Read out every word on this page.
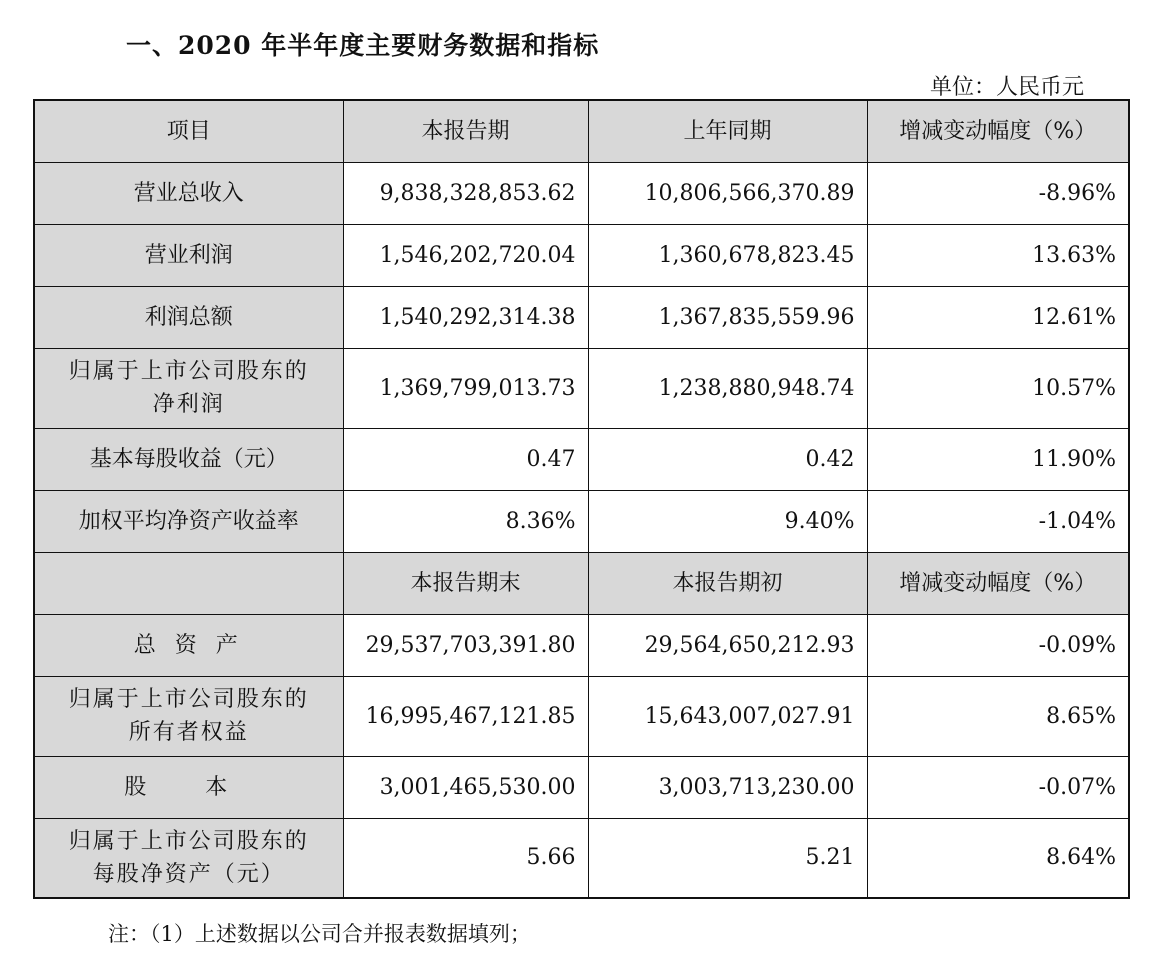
一、2020 年半年度主要财务数据和指标
单位：人民币元
项目	本报告期	上年同期	增减变动幅度（%）
营业总收入	9,838,328,853.62	10,806,566,370.89	-8.96%
营业利润	1,546,202,720.04	1,360,678,823.45	13.63%
利润总额	1,540,292,314.38	1,367,835,559.96	12.61%

归属于上市公司股东的
净利润	1,369,799,013.73	1,238,880,948.74	10.57%
基本每股收益（元）	0.47	0.42	11.90%
加权平均净资产收益率	8.36%	9.40%	-1.04%
	本报告期末	本报告期初	增减变动幅度（%）
总 资 产	29,537,703,391.80	29,564,650,212.93	-0.09%

归属于上市公司股东的
所有者权益	16,995,467,121.85	15,643,007,027.91	8.65%
股 本	3,001,465,530.00	3,003,713,230.00	-0.07%

归属于上市公司股东的
每股净资产（元）	5.66	5.21	8.64%
注：（1）上述数据以公司合并报表数据填列；
